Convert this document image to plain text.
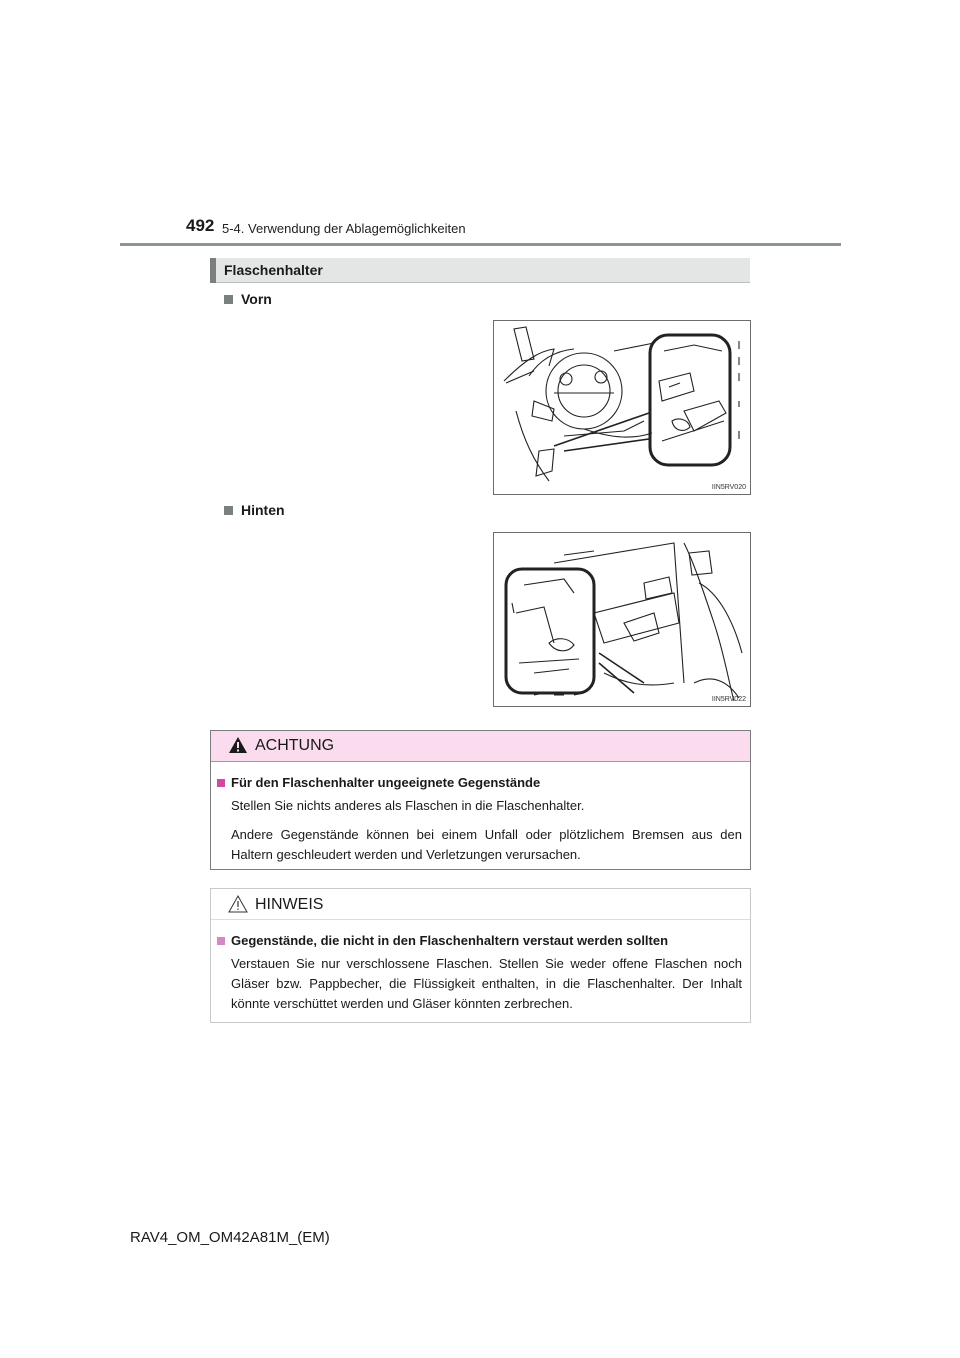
492 5-4. Verwendung der Ablagemöglichkeiten
Flaschenhalter
Vorn
IIN5RV020
Hinten
IIN5RV022
ACHTUNG
Für den Flaschenhalter ungeeignete Gegenstände

Stellen Sie nichts anderes als Flaschen in die Flaschenhalter.

Andere Gegenstände können bei einem Unfall oder plötzlichem Bremsen aus den Haltern geschleudert werden und Verletzungen verursachen.

HINWEIS
Gegenstände, die nicht in den Flaschenhaltern verstaut werden sollten

Verstauen Sie nur verschlossene Flaschen. Stellen Sie weder offene Flaschen noch Gläser bzw. Pappbecher, die Flüssigkeit enthalten, in die Flaschenhalter. Der Inhalt könnte verschüttet werden und Gläser könnten zerbrechen.

RAV4_OM_OM42A81M_(EM)
